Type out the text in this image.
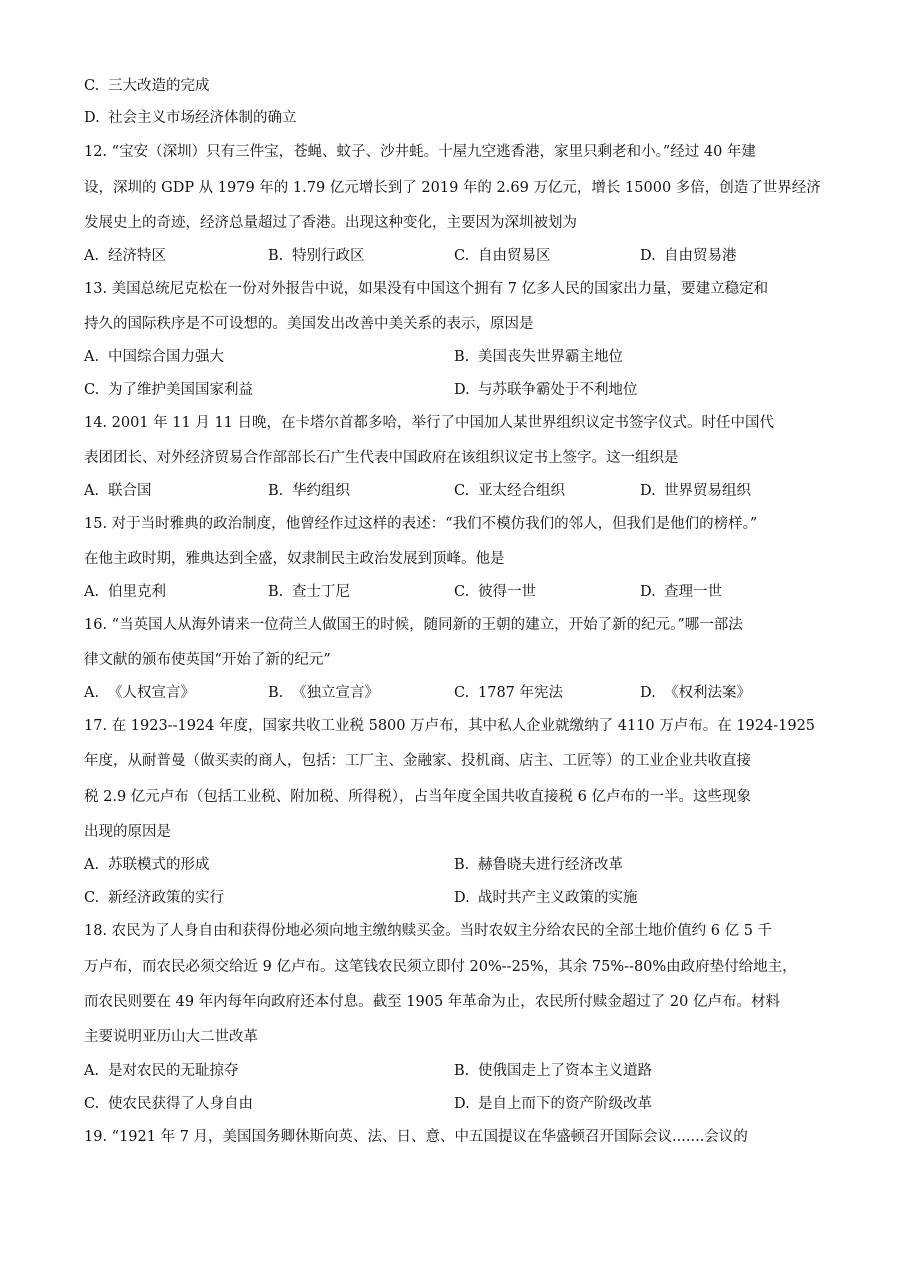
C. 三大改造的完成
D. 社会主义市场经济体制的确立
12. “宝安（深圳）只有三件宝，苍蝇、蚊子、沙井蚝。十屋九空逃香港，家里只剩老和小。”经过 40 年建
设，深圳的 GDP 从 1979 年的 1.79 亿元增长到了 2019 年的 2.69 万亿元，增长 15000 多倍，创造了世界经济
发展史上的奇迹，经济总量超过了香港。出现这种变化，主要因为深圳被划为
A. 经济特区	B. 特别行政区	C. 自由贸易区	D. 自由贸易港
13. 美国总统尼克松在一份对外报告中说，如果没有中国这个拥有 7 亿多人民的国家出力量，要建立稳定和
持久的国际秩序是不可设想的。美国发出改善中美关系的表示，原因是
A. 中国综合国力强大	B. 美国丧失世界霸主地位
C. 为了维护美国国家利益	D. 与苏联争霸处于不利地位
14. 2001 年 11 月 11 日晚，在卡塔尔首都多哈，举行了中国加人某世界组织议定书签字仪式。时任中国代
表团团长、对外经济贸易合作部部长石广生代表中国政府在该组织议定书上签字。这一组织是
A. 联合国	B. 华约组织	C. 亚太经合组织	D. 世界贸易组织
15. 对于当时雅典的政治制度，他曾经作过这样的表述：“我们不模仿我们的邻人，但我们是他们的榜样。”
在他主政时期，雅典达到全盛，奴隶制民主政治发展到顶峰。他是
A. 伯里克利	B. 查士丁尼	C. 彼得一世	D. 查理一世
16. “当英国人从海外请来一位荷兰人做国王的时候，随同新的王朝的建立，开始了新的纪元。”哪一部法
律文献的颁布使英国“开始了新的纪元”
A. 《人权宣言》	B. 《独立宣言》	C. 1787 年宪法	D. 《权利法案》
17. 在 1923--1924 年度，国家共收工业税 5800 万卢布，其中私人企业就缴纳了 4110 万卢布。在 1924-1925
年度，从耐普曼（做买卖的商人，包括：工厂主、金融家、投机商、店主、工匠等）的工业企业共收直接
税 2.9 亿元卢布（包括工业税、附加税、所得税），占当年度全国共收直接税 6 亿卢布的一半。这些现象
出现的原因是
A. 苏联模式的形成	B. 赫鲁晓夫进行经济改革
C. 新经济政策的实行	D. 战时共产主义政策的实施
18. 农民为了人身自由和获得份地必须向地主缴纳赎买金。当时农奴主分给农民的全部土地价值约 6 亿 5 千
万卢布，而农民必须交给近 9 亿卢布。这笔钱农民须立即付 20%--25%，其余 75%--80%由政府垫付给地主，
而农民则要在 49 年内每年向政府还本付息。截至 1905 年革命为止，农民所付赎金超过了 20 亿卢布。材料
主要说明亚历山大二世改革
A. 是对农民的无耻掠夺	B. 使俄国走上了资本主义道路
C. 使农民获得了人身自由	D. 是自上而下的资产阶级改革
19. “1921 年 7 月，美国国务卿休斯向英、法、日、意、中五国提议在华盛顿召开国际会议.......会议的
